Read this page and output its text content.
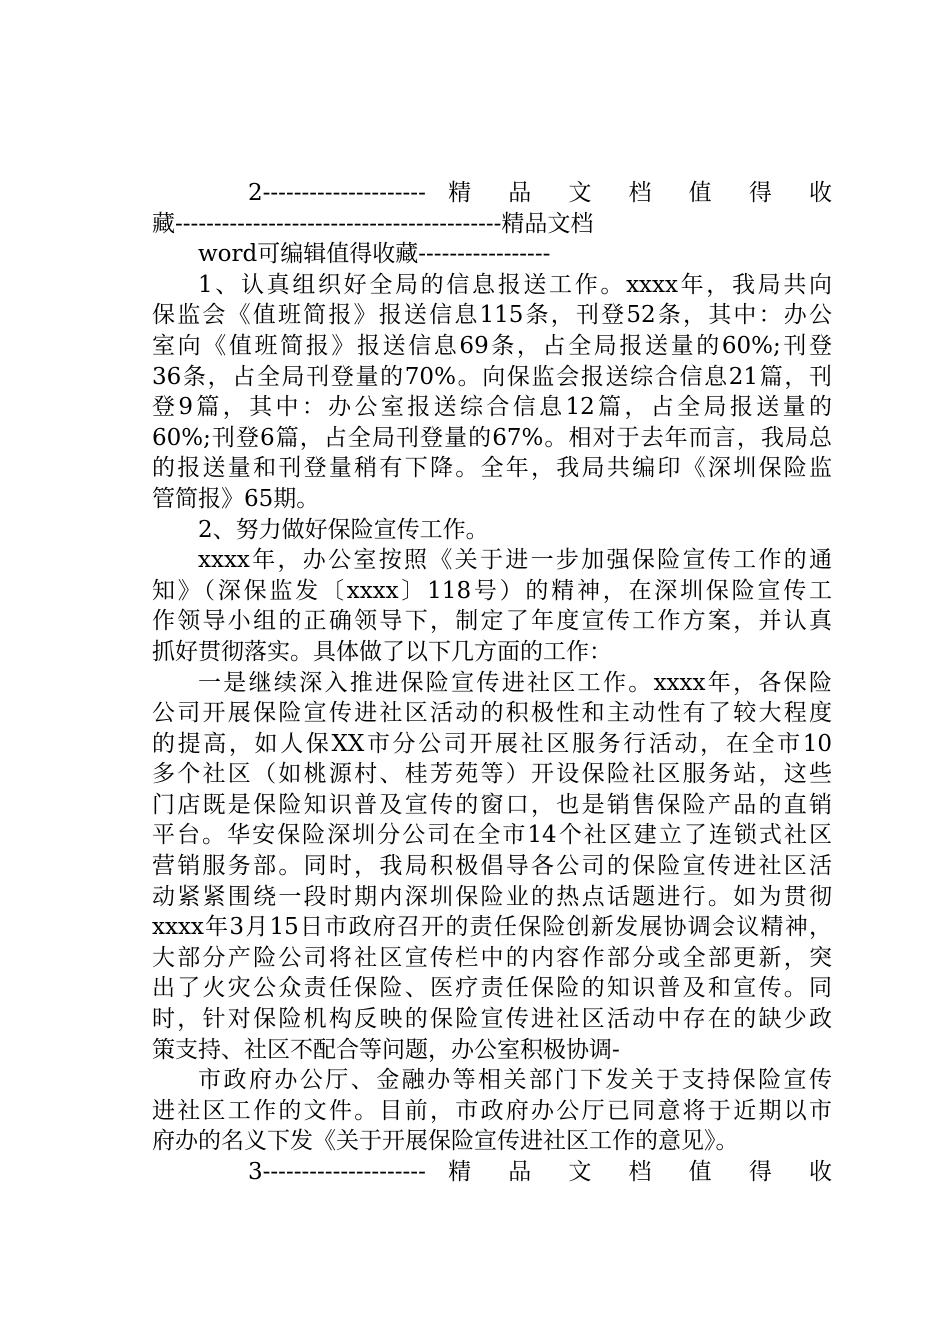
2--------------------- 精 品 文 档 值 得 收
藏------------------------------------------精品文档
word可编辑值得收藏-----------------
1、认真组织好全局的信息报送工作。xxxx年，我局共向
保监会《值班简报》报送信息115条，刊登52条，其中：办公
室向《值班简报》报送信息69条，占全局报送量的60%;刊登
36条，占全局刊登量的70%。向保监会报送综合信息21篇，刊
登9篇，其中：办公室报送综合信息12篇，占全局报送量的
60%;刊登6篇，占全局刊登量的67%。相对于去年而言，我局总
的报送量和刊登量稍有下降。全年，我局共编印《深圳保险监
管简报》65期。
2、努力做好保险宣传工作。
xxxx年，办公室按照《关于进一步加强保险宣传工作的通
知》（深保监发〔xxxx〕118号）的精神，在深圳保险宣传工
作领导小组的正确领导下，制定了年度宣传工作方案，并认真
抓好贯彻落实。具体做了以下几方面的工作：
一是继续深入推进保险宣传进社区工作。xxxx年，各保险
公司开展保险宣传进社区活动的积极性和主动性有了较大程度
的提高，如人保XX市分公司开展社区服务行活动，在全市10
多个社区（如桃源村、桂芳苑等）开设保险社区服务站，这些
门店既是保险知识普及宣传的窗口，也是销售保险产品的直销
平台。华安保险深圳分公司在全市14个社区建立了连锁式社区
营销服务部。同时，我局积极倡导各公司的保险宣传进社区活
动紧紧围绕一段时期内深圳保险业的热点话题进行。如为贯彻
xxxx年3月15日市政府召开的责任保险创新发展协调会议精神，
大部分产险公司将社区宣传栏中的内容作部分或全部更新，突
出了火灾公众责任保险、医疗责任保险的知识普及和宣传。同
时，针对保险机构反映的保险宣传进社区活动中存在的缺少政
策支持、社区不配合等问题，办公室积极协调-
市政府办公厅、金融办等相关部门下发关于支持保险宣传
进社区工作的文件。目前，市政府办公厅已同意将于近期以市
府办的名义下发《关于开展保险宣传进社区工作的意见》。
3--------------------- 精 品 文 档 值 得 收
